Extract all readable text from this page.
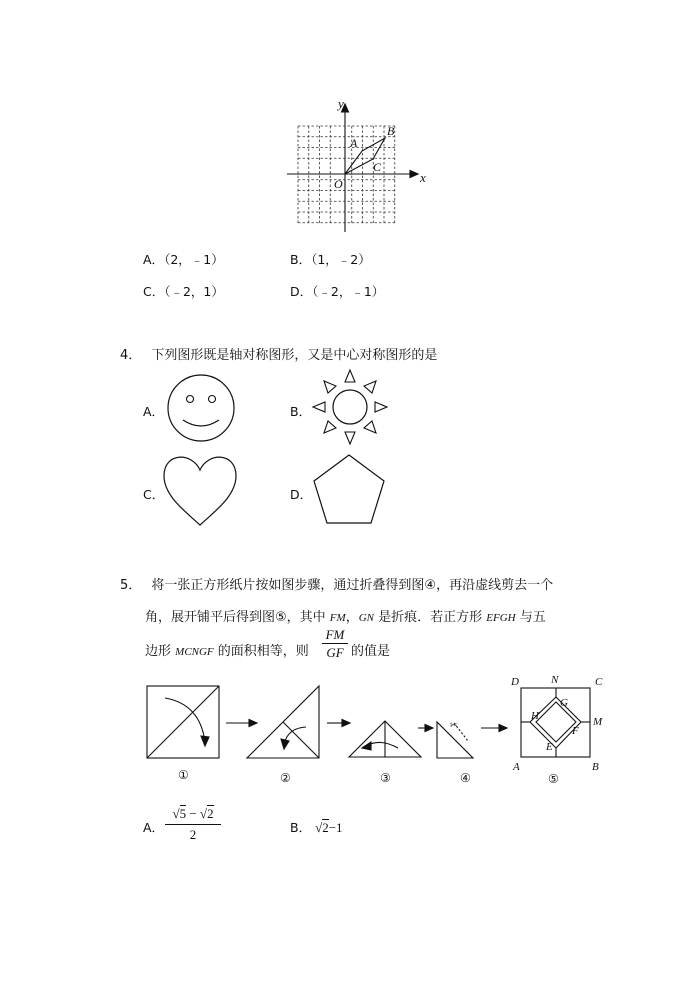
y
x
O
A
B
C
A．（2，﹣1）	B．（1，﹣2）
C．（﹣2，1）	D．（﹣2，﹣1）
4． 下列图形既是轴对称图形，又是中心对称图形的是
A．	B．
C．	D．
5． 将一张正方形纸片按如图步骤，通过折叠得到图④，再沿虚线剪去一个
角，展开铺平后得到图⑤，其中 FM，GN 是折痕．若正方形 EFGH 与五
边形 MCNGF 的面积相等，则
FM
GF 的值是
✂
①	②	③	④	⑤
D	N	C
G
H	M
F
E
A	B
A．
√5 − √2
2	B． √2−1
